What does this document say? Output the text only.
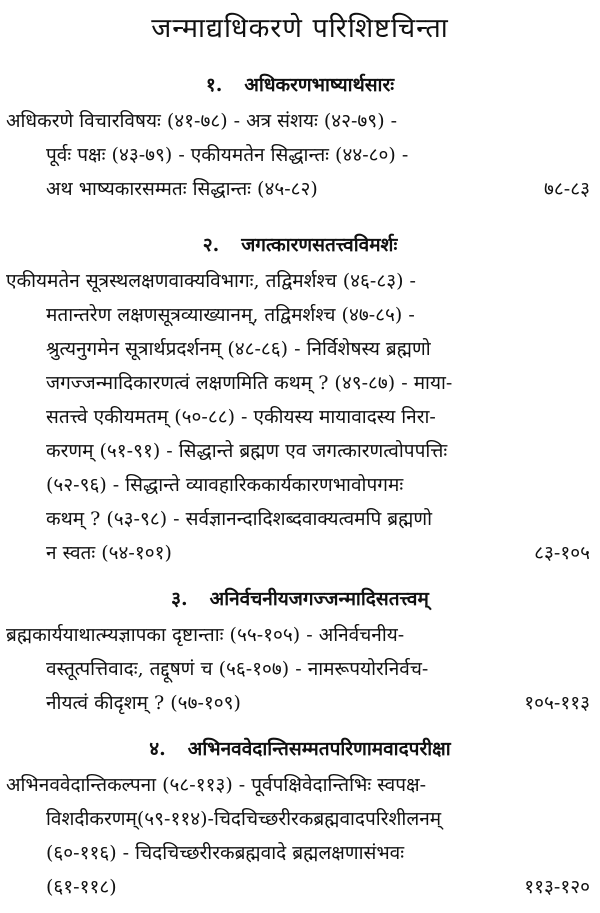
जन्माद्यधिकरणे परिशिष्टचिन्ता
१. अधिकरणभाष्यार्थसारः
अधिकरणे विचारविषयः (४१-७८) - अत्र संशयः (४२-७९) -
पूर्वः पक्षः (४३-७९) - एकीयमतेन सिद्धान्तः (४४-८०) -
अथ भाष्यकारसम्मतः सिद्धान्तः (४५-८२)	७८-८३
२. जगत्कारणसतत्त्वविमर्शः
एकीयमतेन सूत्रस्थलक्षणवाक्यविभागः, तद्विमर्शश्च (४६-८३) -
मतान्तरेण लक्षणसूत्रव्याख्यानम्, तद्विमर्शश्च (४७-८५) -
श्रुत्यनुगमेन सूत्रार्थप्रदर्शनम् (४८-८६) - निर्विशेषस्य ब्रह्मणो
जगज्जन्मादिकारणत्वं लक्षणमिति कथम् ? (४९-८७) - माया-
सतत्त्वे एकीयमतम् (५०-८८) - एकीयस्य मायावादस्य निरा-
करणम् (५१-९१) - सिद्धान्ते ब्रह्मण एव जगत्कारणत्वोपपत्तिः
(५२-९६) - सिद्धान्ते व्यावहारिककार्यकारणभावोपगमः
कथम् ? (५३-९८) - सर्वज्ञानन्दादिशब्दवाक्यत्वमपि ब्रह्मणो
न स्वतः (५४-१०१)	८३-१०५
३. अनिर्वचनीयजगज्जन्मादिसतत्त्वम्
ब्रह्मकार्ययाथात्म्यज्ञापका दृष्टान्ताः (५५-१०५) - अनिर्वचनीय-
वस्तूत्पत्तिवादः, तद्दूषणं च (५६-१०७) - नामरूपयोरनिर्वच-
नीयत्वं कीदृशम् ? (५७-१०९)	१०५-११३
४. अभिनववेदान्तिसम्मतपरिणामवादपरीक्षा
अभिनववेदान्तिकल्पना (५८-११३) - पूर्वपक्षिवेदान्तिभिः स्वपक्ष-
विशदीकरणम्(५९-११४)-चिदचिच्छरीरकब्रह्मवादपरिशीलनम्
(६०-११६) - चिदचिच्छरीरकब्रह्मवादे ब्रह्मलक्षणासंभवः
(६१-११८)	११३-१२०
